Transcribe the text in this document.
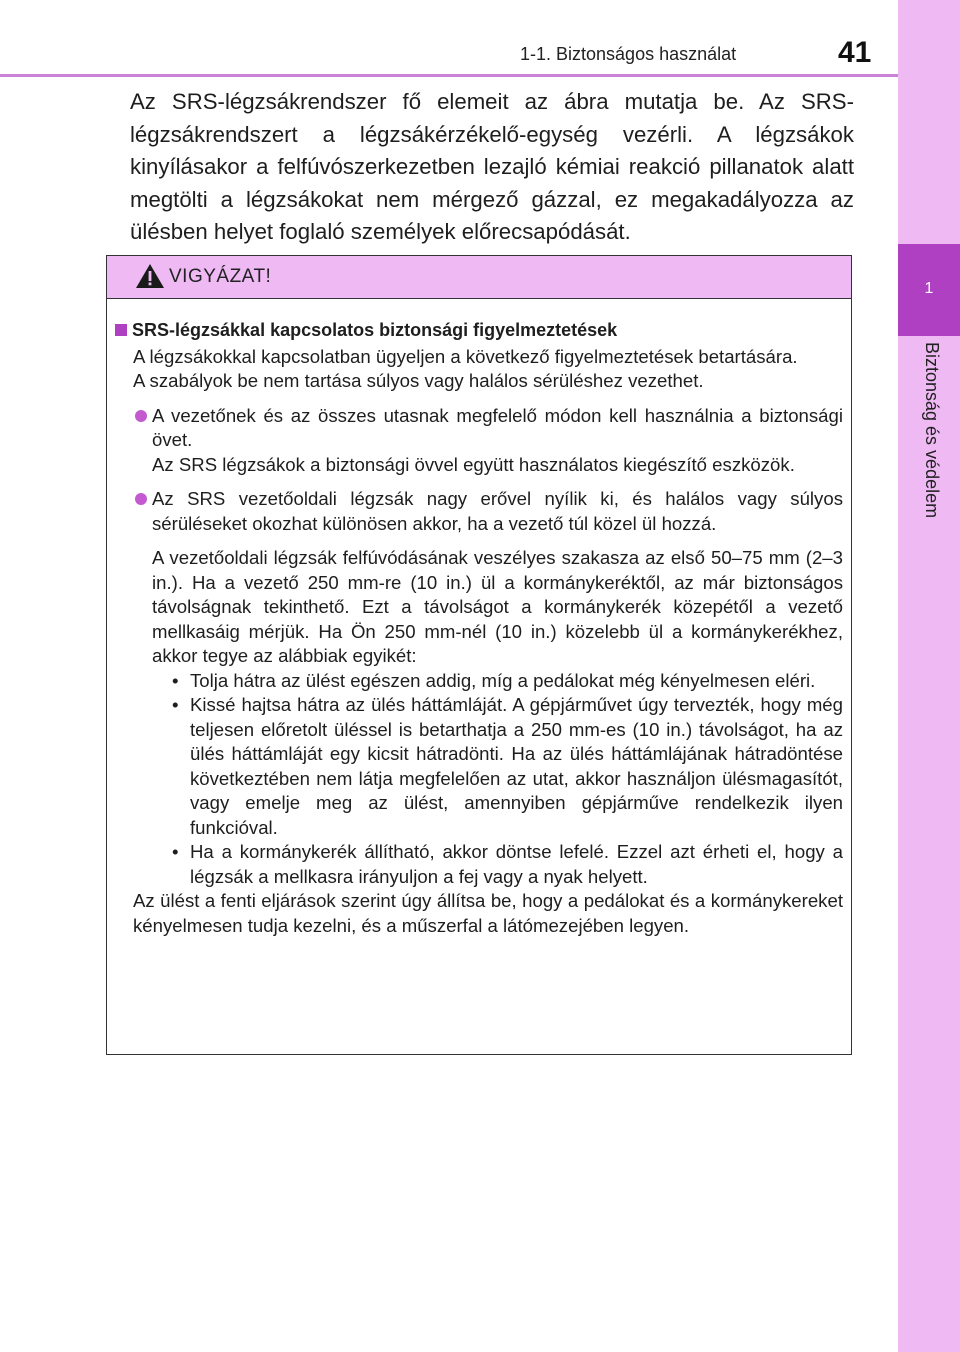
1-1. Biztonságos használat	41
1
Biztonság és védelem

Az SRS-légzsákrendszer fő elemeit az ábra mutatja be. Az SRS-légzsákrendszert a légzsákérzékelő-egység vezérli. A légzsákok kinyílásakor a felfúvószerkezetben lezajló kémiai reakció pillanatok alatt megtölti a légzsákokat nem mérgező gázzal, ez megakadályozza az ülésben helyet foglaló személyek előrecsapódását.

VIGYÁZAT!
SRS-légzsákkal kapcsolatos biztonsági figyelmeztetések

A légzsákokkal kapcsolatban ügyeljen a következő figyelmeztetések betartására.

A szabályok be nem tartása súlyos vagy halálos sérüléshez vezethet.

A vezetőnek és az összes utasnak megfelelő módon kell használnia a biztonsági övet.
Az SRS légzsákok a biztonsági övvel együtt használatos kiegészítő eszközök.
Az SRS vezetőoldali légzsák nagy erővel nyílik ki, és halálos vagy súlyos sérüléseket okozhat különösen akkor, ha a vezető túl közel ül hozzá.

A vezetőoldali légzsák felfúvódásának veszélyes szakasza az első 50–75 mm (2–3 in.). Ha a vezető 250 mm-re (10 in.) ül a kormánykeréktől, az már biztonságos távolságnak tekinthető. Ezt a távolságot a kormánykerék közepétől a vezető mellkasáig mérjük. Ha Ön 250 mm-nél (10 in.) közelebb ül a kormánykerékhez, akkor tegye az alábbiak egyikét:

• Tolja hátra az ülést egészen addig, míg a pedálokat még kényelmesen eléri.
• Kissé hajtsa hátra az ülés háttámláját. A gépjárművet úgy tervezték, hogy még teljesen előretolt üléssel is betarthatja a 250 mm-es (10 in.) távolságot, ha az ülés háttámláját egy kicsit hátradönti. Ha az ülés háttámlájának hátradöntése következtében nem látja megfelelően az utat, akkor használjon ülésmagasítót, vagy emelje meg az ülést, amennyiben gépjárműve rendelkezik ilyen funkcióval.
• Ha a kormánykerék állítható, akkor döntse lefelé. Ezzel azt érheti el, hogy a légzsák a mellkasra irányuljon a fej vagy a nyak helyett.

Az ülést a fenti eljárások szerint úgy állítsa be, hogy a pedálokat és a kormánykereket kényelmesen tudja kezelni, és a műszerfal a látómezejében legyen.
